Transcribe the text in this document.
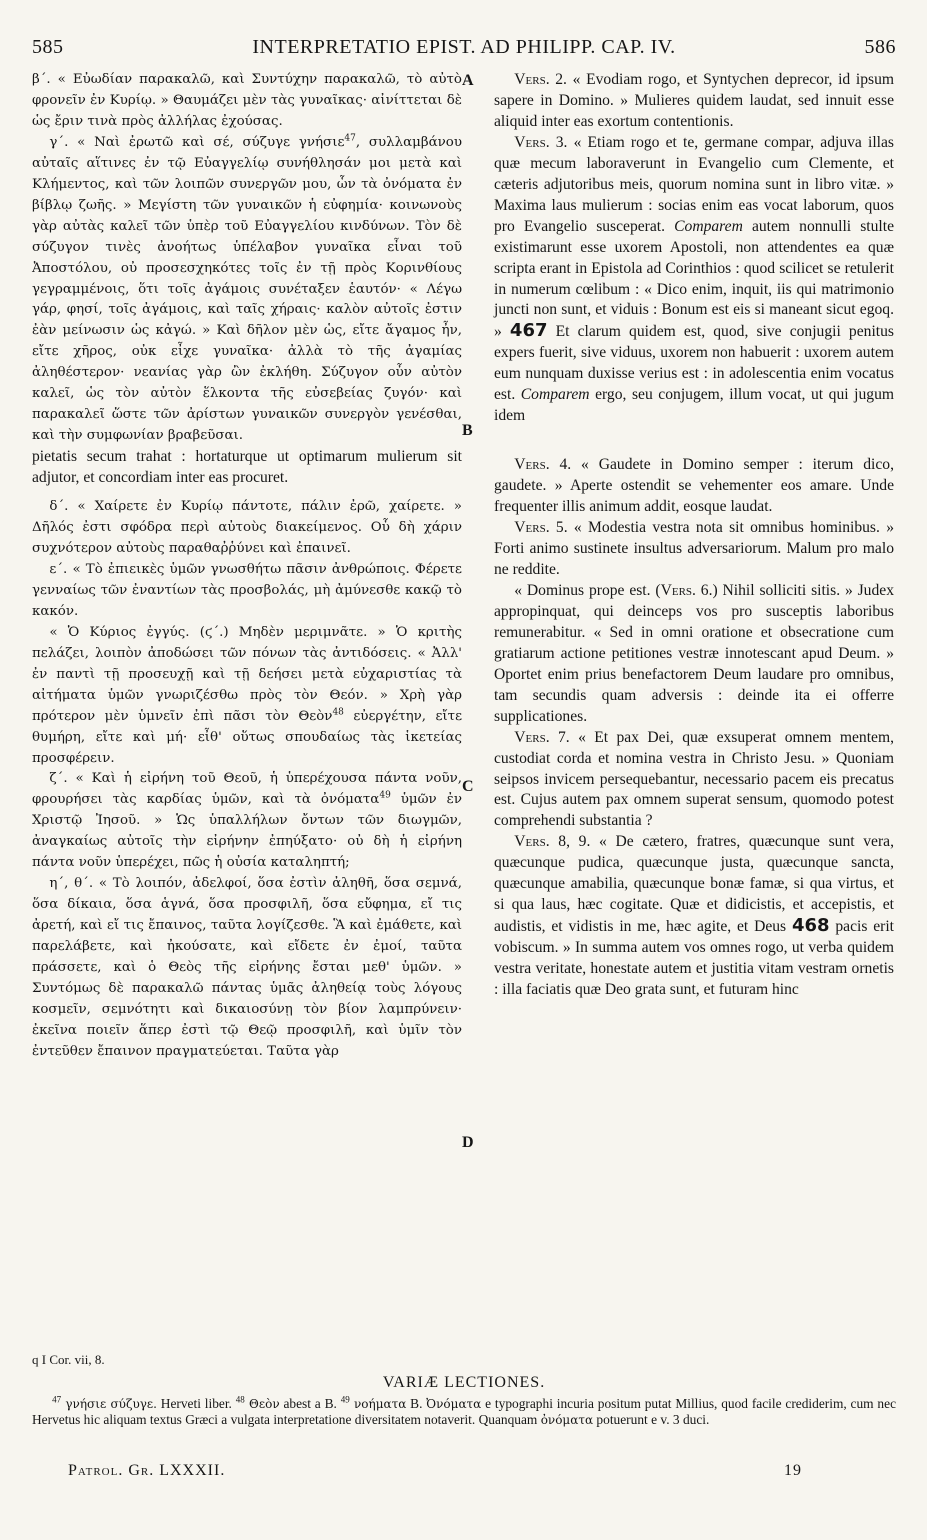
585	INTERPRETATIO EPIST. AD PHILIPP. CAP. IV.	586
A
B
C
D

β΄. « Εὐωδίαν παρακαλῶ, καὶ Συντύχην παρακαλῶ, τὸ αὐτὸ φρονεῖν ἐν Κυρίῳ. » Θαυμάζει μὲν τὰς γυναῖκας· αἰνίττεται δὲ ὡς ἔριν τινὰ πρὸς ἀλλήλας ἐχούσας.

γ΄. « Ναὶ ἐρωτῶ καὶ σέ, σύζυγε γνήσιε$^{47}$, συλλαμβάνου αὐταῖς αἵτινες ἐν τῷ Εὐαγγελίῳ συνήθλησάν μοι μετὰ καὶ Κλήμεντος, καὶ τῶν λοιπῶν συνεργῶν μου, ὧν τὰ ὀνόματα ἐν βίβλῳ ζωῆς. » Μεγίστη τῶν γυναικῶν ἡ εὐφημία· κοινωνοὺς γὰρ αὐτὰς καλεῖ τῶν ὑπὲρ τοῦ Εὐαγγελίου κινδύνων. Τὸν δὲ σύζυγον τινὲς ἀνοήτως ὑπέλαβον γυναῖκα εἶναι τοῦ Ἀποστόλου, οὐ προσεσχηκότες τοῖς ἐν τῇ πρὸς Κορινθίους γεγραμμένοις, ὅτι τοῖς ἀγάμοις συνέταξεν ἑαυτόν· « Λέγω γάρ, φησί, τοῖς ἀγάμοις, καὶ ταῖς χήραις· καλὸν αὐτοῖς ἐστιν ἐὰν μείνωσιν ὡς κἀγώ. » Καὶ δῆλον μὲν ὡς, εἴτε ἄγαμος ἦν, εἴτε χῆρος, οὐκ εἶχε γυναῖκα· ἀλλὰ τὸ τῆς ἀγαμίας ἀληθέστερον· νεανίας γὰρ ὢν ἐκλήθη. Σύζυγον οὖν αὐτὸν καλεῖ, ὡς τὸν αὐτὸν ἕλκοντα τῆς εὐσεβείας ζυγόν· καὶ παρακαλεῖ ὥστε τῶν ἀρίστων γυναικῶν συνεργὸν γενέσθαι, καὶ τὴν συμφωνίαν βραβεῦσαι.

pietatis secum trahat : hortaturque ut optimarum mulierum sit adjutor, et concordiam inter eas procuret.

δ΄. « Χαίρετε ἐν Κυρίῳ πάντοτε, πάλιν ἐρῶ, χαίρετε. » Δῆλός ἐστι σφόδρα περὶ αὐτοὺς διακείμενος. Οὗ δὴ χάριν συχνότερον αὐτοὺς παραθαῤῥύνει καὶ ἐπαινεῖ.

ε΄. « Τὸ ἐπιεικὲς ὑμῶν γνωσθήτω πᾶσιν ἀνθρώποις. Φέρετε γενναίως τῶν ἐναντίων τὰς προσβολάς, μὴ ἀμύνεσθε κακῷ τὸ κακόν.

« Ὁ Κύριος ἐγγύς. (ϛ΄.) Μηδὲν μεριμνᾶτε. » Ὁ κριτὴς πελάζει, λοιπὸν ἀποδώσει τῶν πόνων τὰς ἀντιδόσεις. « Ἀλλ' ἐν παντὶ τῇ προσευχῇ καὶ τῇ δεήσει μετὰ εὐχαριστίας τὰ αἰτήματα ὑμῶν γνωριζέσθω πρὸς τὸν Θεόν. » Χρὴ γὰρ πρότερον μὲν ὑμνεῖν ἐπὶ πᾶσι τὸν Θεὸν$^{48}$ εὐεργέτην, εἴτε θυμήρη, εἴτε καὶ μή· εἶθ' οὕτως σπουδαίως τὰς ἱκετείας προσφέρειν.

ζ΄. « Καὶ ἡ εἰρήνη τοῦ Θεοῦ, ἡ ὑπερέχουσα πάντα νοῦν, φρουρήσει τὰς καρδίας ὑμῶν, καὶ τὰ ὀνόματα$^{49}$ ὑμῶν ἐν Χριστῷ Ἰησοῦ. » Ὡς ὑπαλλήλων ὄντων τῶν διωγμῶν, ἀναγκαίως αὐτοῖς τὴν εἰρήνην ἐπηύξατο· οὐ δὴ ἡ εἰρήνη πάντα νοῦν ὑπερέχει, πῶς ἡ οὐσία καταληπτή;

η΄, θ΄. « Τὸ λοιπόν, ἀδελφοί, ὅσα ἐστὶν ἀληθῆ, ὅσα σεμνά, ὅσα δίκαια, ὅσα ἁγνά, ὅσα προσφιλῆ, ὅσα εὔφημα, εἴ τις ἀρετή, καὶ εἴ τις ἔπαινος, ταῦτα λογίζεσθε. Ἃ καὶ ἐμάθετε, καὶ παρελάβετε, καὶ ἠκούσατε, καὶ εἴδετε ἐν ἐμοί, ταῦτα πράσσετε, καὶ ὁ Θεὸς τῆς εἰρήνης ἔσται μεθ' ὑμῶν. » Συντόμως δὲ παρακαλῶ πάντας ὑμᾶς ἀληθείᾳ τοὺς λόγους κοσμεῖν, σεμνότητι καὶ δικαιοσύνῃ τὸν βίον λαμπρύνειν· ἐκεῖνα ποιεῖν ἅπερ ἐστὶ τῷ Θεῷ προσφιλῆ, καὶ ὑμῖν τὸν ἐντεῦθεν ἔπαινον πραγματεύεται. Ταῦτα γὰρ

Vers. 2. « Evodiam rogo, et Syntychen deprecor, id ipsum sapere in Domino. » Mulieres quidem laudat, sed innuit esse aliquid inter eas exortum contentionis.

Vers. 3. « Etiam rogo et te, germane compar, adjuva illas quæ mecum laboraverunt in Evangelio cum Clemente, et cæteris adjutoribus meis, quorum nomina sunt in libro vitæ. » Maxima laus mulierum : socias enim eas vocat laborum, quos pro Evangelio susceperat. Comparem autem nonnulli stulte existimarunt esse uxorem Apostoli, non attendentes ea quæ scripta erant in Epistola ad Corinthios : quod scilicet se retulerit in numerum cœlibum : « Dico enim, inquit, iis qui matrimonio juncti non sunt, et viduis : Bonum est eis si maneant sicut egoq. » 467 Et clarum quidem est, quod, sive conjugii penitus expers fuerit, sive viduus, uxorem non habuerit : uxorem autem eum nunquam duxisse verius est : in adolescentia enim vocatus est. Comparem ergo, seu conjugem, illum vocat, ut qui jugum idem

Vers. 4. « Gaudete in Domino semper : iterum dico, gaudete. » Aperte ostendit se vehementer eos amare. Unde frequenter illis animum addit, eosque laudat.

Vers. 5. « Modestia vestra nota sit omnibus hominibus. » Forti animo sustinete insultus adversariorum. Malum pro malo ne reddite.

« Dominus prope est. (Vers. 6.) Nihil solliciti sitis. » Judex appropinquat, qui deinceps vos pro susceptis laboribus remunerabitur. « Sed in omni oratione et obsecratione cum gratiarum actione petitiones vestræ innotescant apud Deum. » Oportet enim prius benefactorem Deum laudare pro omnibus, tam secundis quam adversis : deinde ita ei offerre supplicationes.

Vers. 7. « Et pax Dei, quæ exsuperat omnem mentem, custodiat corda et nomina vestra in Christo Jesu. » Quoniam seipsos invicem persequebantur, necessario pacem eis precatus est. Cujus autem pax omnem superat sensum, quomodo potest comprehendi substantia ?

Vers. 8, 9. « De cætero, fratres, quæcunque sunt vera, quæcunque pudica, quæcunque justa, quæcunque sancta, quæcunque amabilia, quæcunque bonæ famæ, si qua virtus, et si qua laus, hæc cogitate. Quæ et didicistis, et accepistis, et audistis, et vidistis in me, hæc agite, et Deus 468 pacis erit vobiscum. » In summa autem vos omnes rogo, ut verba quidem vestra veritate, honestate autem et justitia vitam vestram ornetis : illa faciatis quæ Deo grata sunt, et futuram hinc

q I Cor. vii, 8.
VARIÆ LECTIONES.
$^{47}$ γνήσιε σύζυγε. Herveti liber. $^{48}$ Θεὸν abest a B. $^{49}$ νοήματα B. Ὀνόματα e typographi incuria positum putat Millius, quod facile crediderim, cum nec Hervetus hic aliquam textus Græci a vulgata interpretatione diversitatem notaverit. Quanquam ὀνόματα potuerunt e v. 3 duci.
Patrol. Gr. LXXXII.	19
